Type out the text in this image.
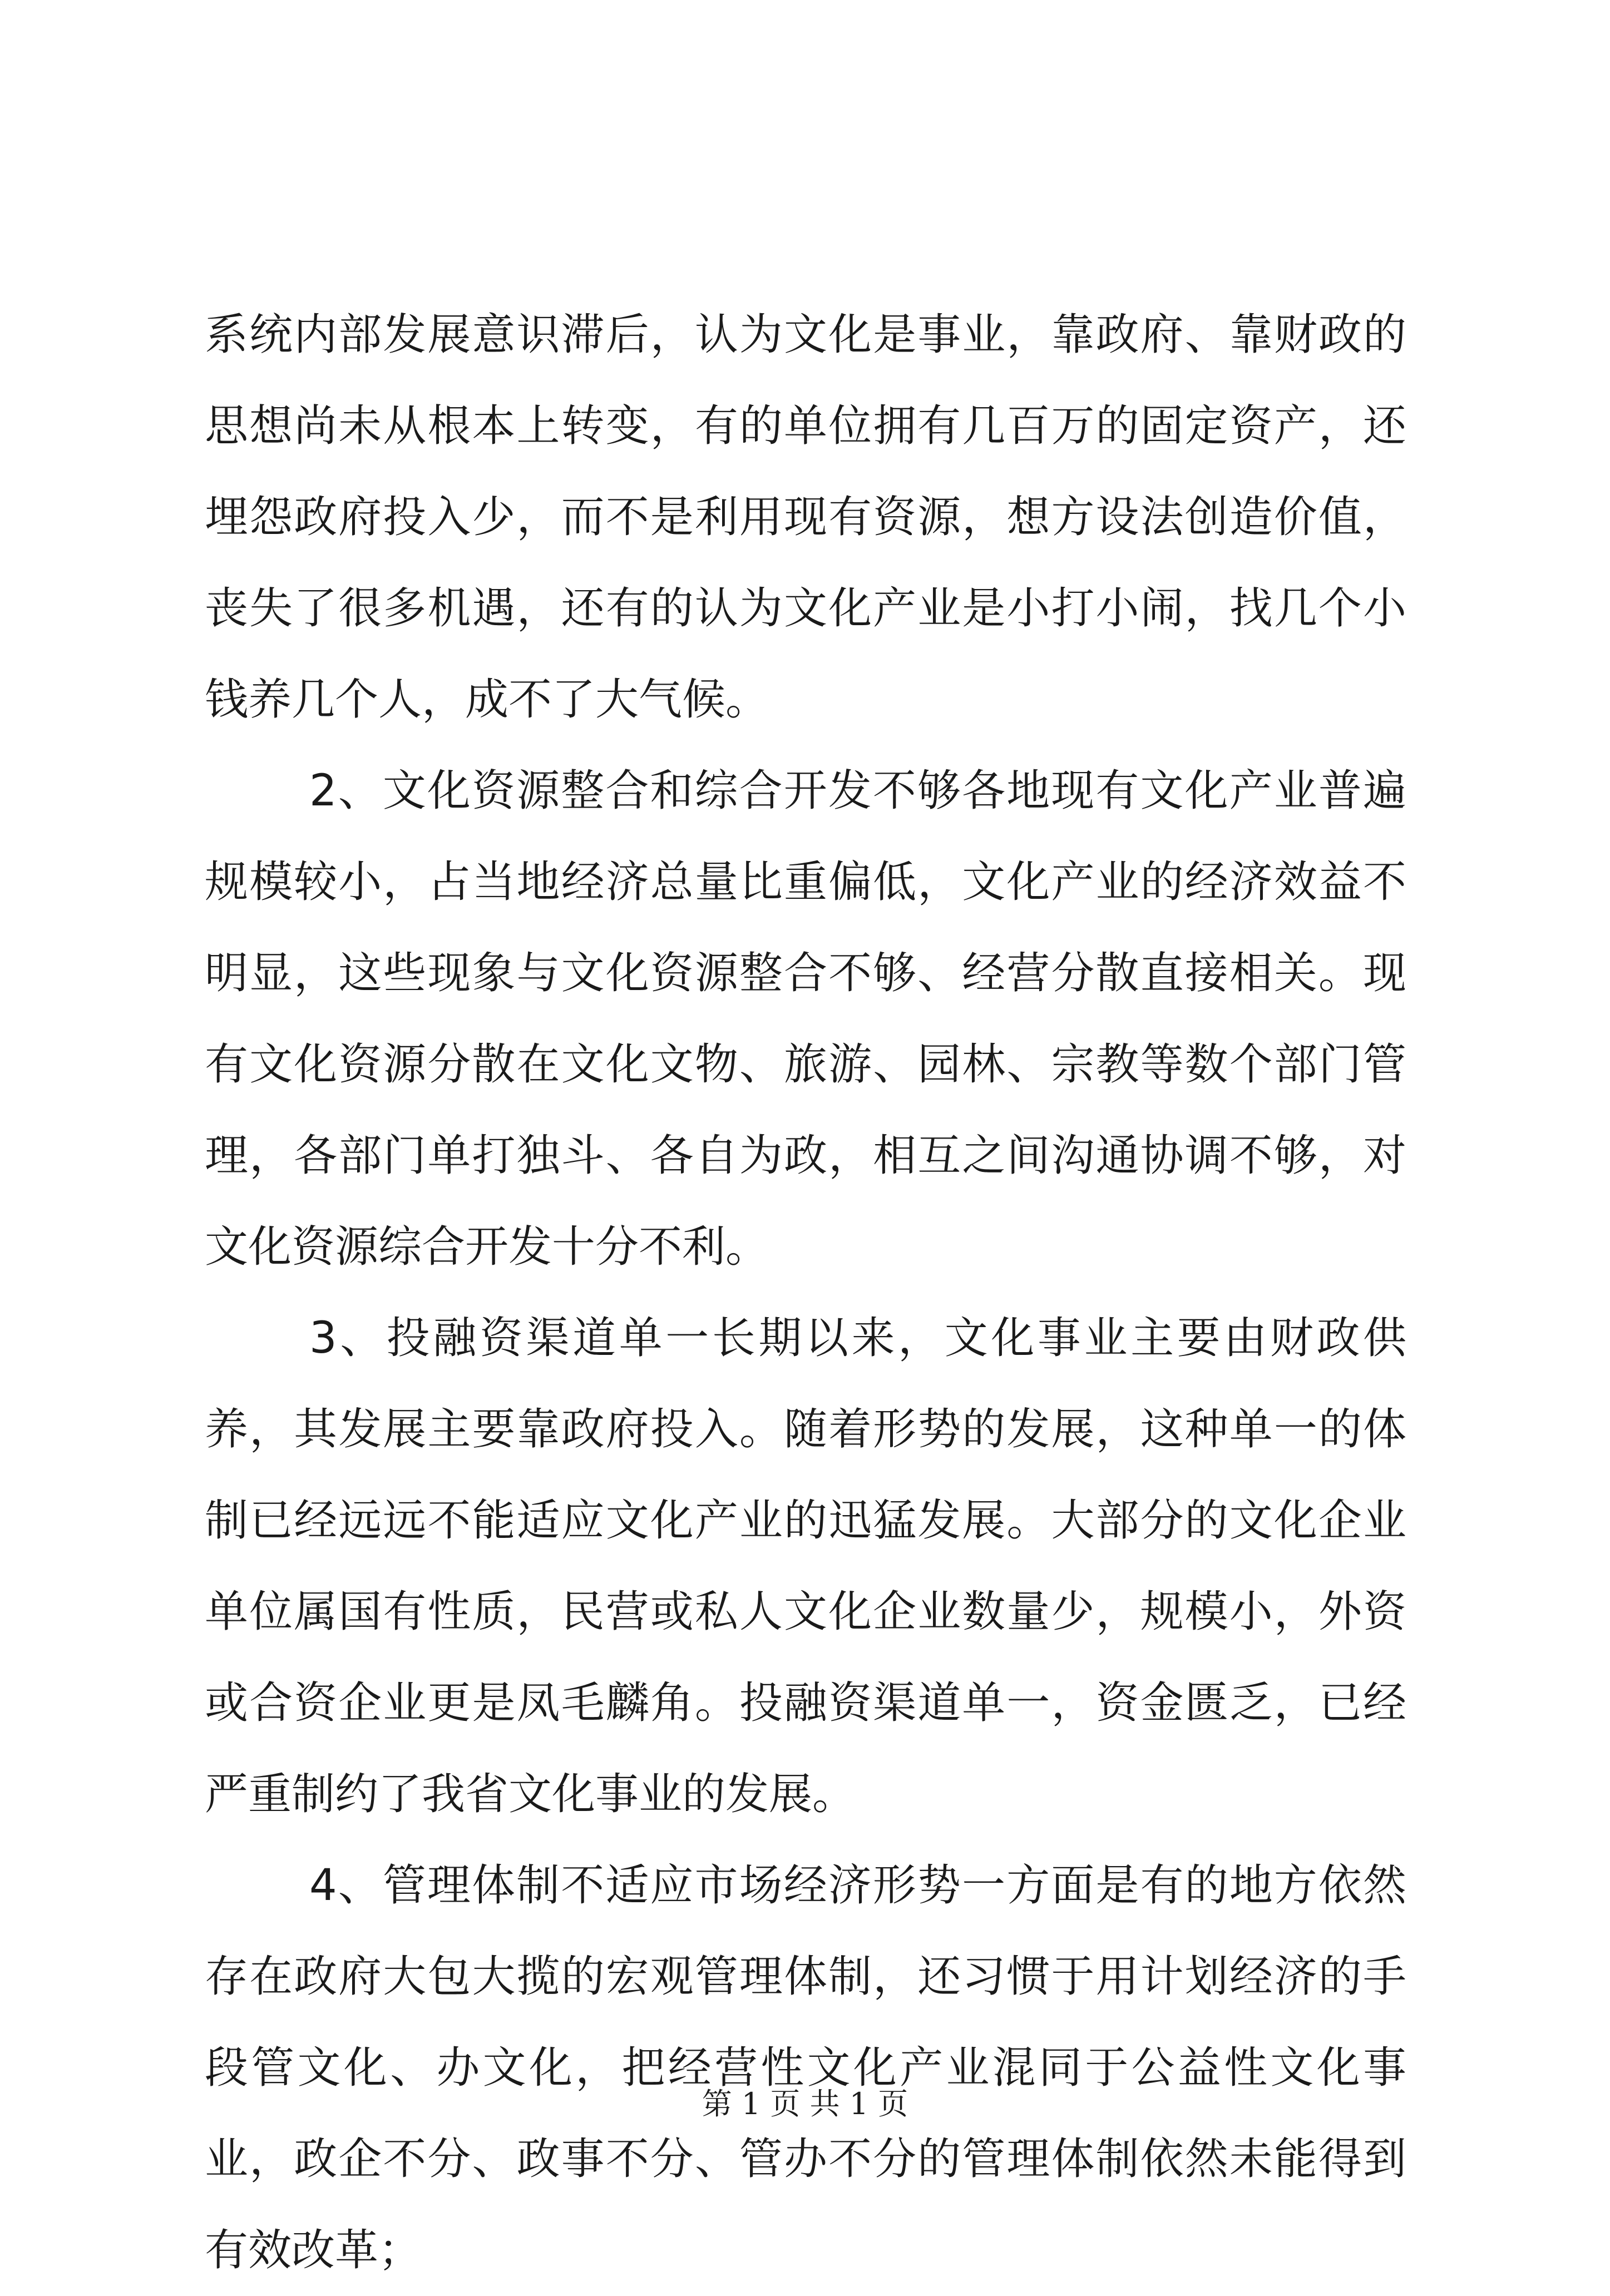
系统内部发展意识滞后，认为文化是事业，靠政府、靠财政的思想尚未从根本上转变，有的单位拥有几百万的固定资产，还埋怨政府投入少，而不是利用现有资源，想方设法创造价值，丧失了很多机遇，还有的认为文化产业是小打小闹，找几个小钱养几个人，成不了大气候。

2、文化资源整合和综合开发不够各地现有文化产业普遍规模较小，占当地经济总量比重偏低，文化产业的经济效益不明显，这些现象与文化资源整合不够、经营分散直接相关。现有文化资源分散在文化文物、旅游、园林、宗教等数个部门管理，各部门单打独斗、各自为政，相互之间沟通协调不够，对文化资源综合开发十分不利。

3、投融资渠道单一长期以来，文化事业主要由财政供养，其发展主要靠政府投入。随着形势的发展，这种单一的体制已经远远不能适应文化产业的迅猛发展。大部分的文化企业单位属国有性质，民营或私人文化企业数量少，规模小，外资或合资企业更是凤毛麟角。投融资渠道单一，资金匮乏，已经严重制约了我省文化事业的发展。

4、管理体制不适应市场经济形势一方面是有的地方依然存在政府大包大揽的宏观管理体制，还习惯于用计划经济的手段管文化、办文化，把经营性文化产业混同于公益性文化事业，政企不分、政事不分、管办不分的管理体制依然未能得到有效改革；

第 1 页 共 1 页
